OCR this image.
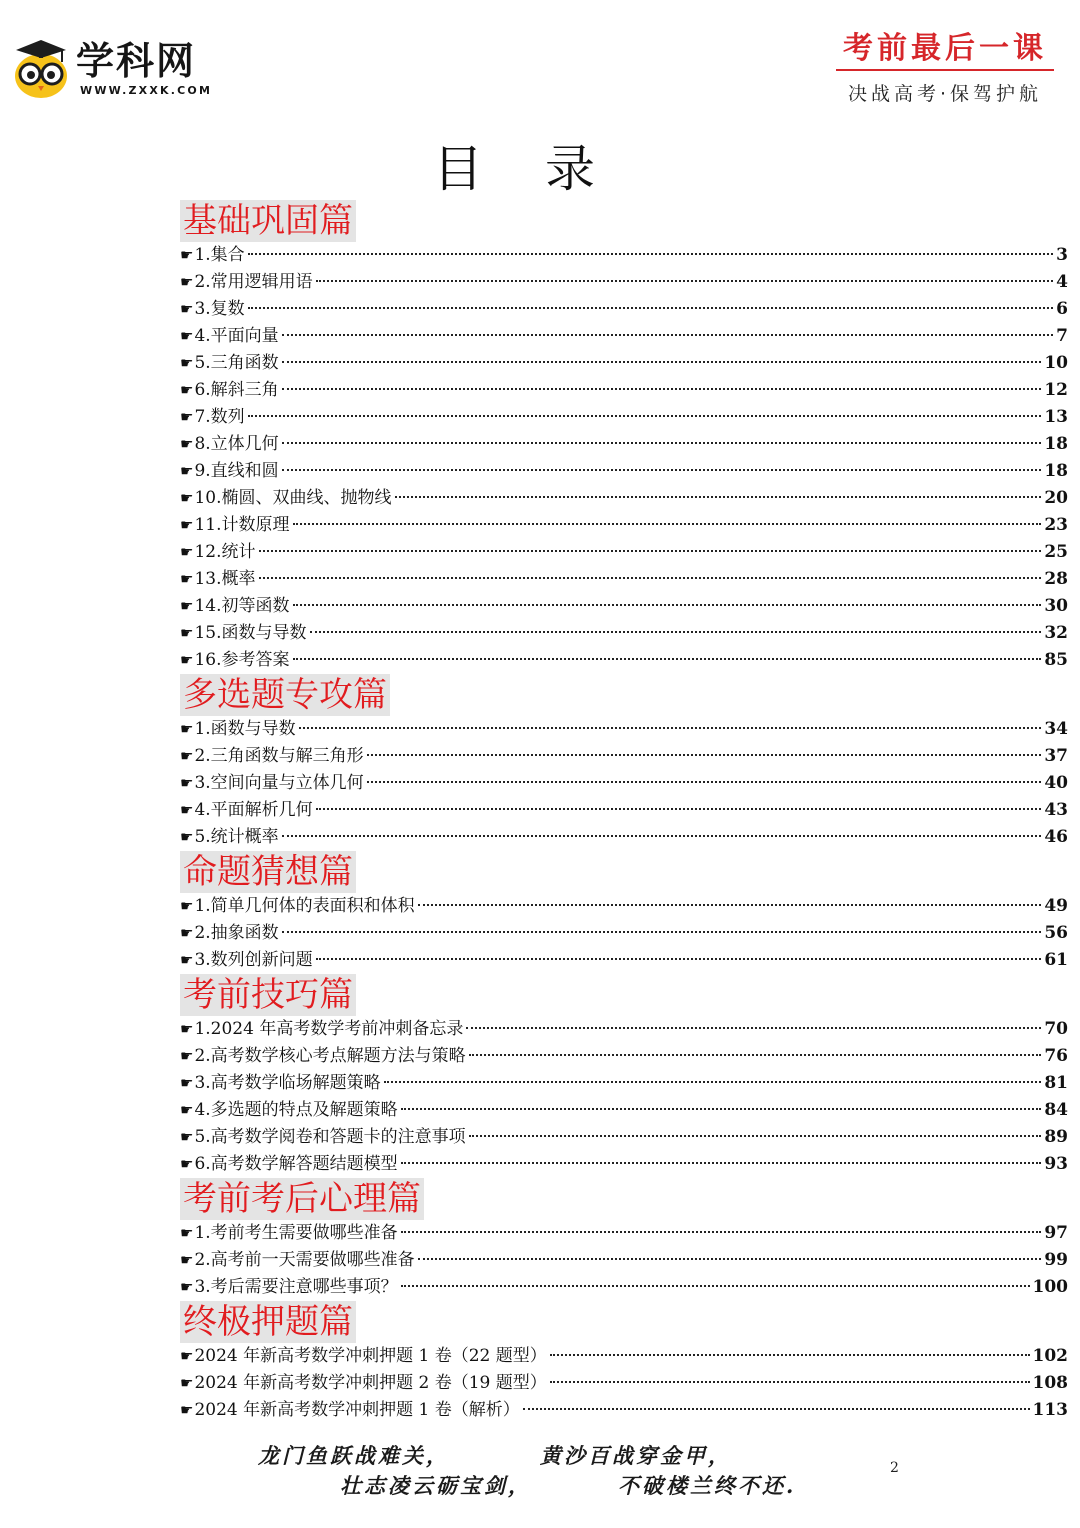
学科网
WWW.ZXXK.COM
考前最后一课
决战高考·保驾护航
目录
基础巩固篇
☛ 1.集合	3
☛ 2.常用逻辑用语	4
☛ 3.复数	6
☛ 4.平面向量	7
☛ 5.三角函数	10
☛ 6.解斜三角	12
☛ 7.数列	13
☛ 8.立体几何	18
☛ 9.直线和圆	18
☛ 10.椭圆、双曲线、抛物线	20
☛ 11.计数原理	23
☛ 12.统计	25
☛ 13.概率	28
☛ 14.初等函数	30
☛ 15.函数与导数	32
☛ 16.参考答案	85
多选题专攻篇
☛ 1.函数与导数	34
☛ 2.三角函数与解三角形	37
☛ 3.空间向量与立体几何	40
☛ 4.平面解析几何	43
☛ 5.统计概率	46
命题猜想篇
☛ 1.简单几何体的表面积和体积	49
☛ 2.抽象函数	56
☛ 3.数列创新问题	61
考前技巧篇
☛ 1.2024 年高考数学考前冲刺备忘录	70
☛ 2.高考数学核心考点解题方法与策略	76
☛ 3.高考数学临场解题策略	81
☛ 4.多选题的特点及解题策略	84
☛ 5.高考数学阅卷和答题卡的注意事项	89
☛ 6.高考数学解答题结题模型	93
考前考后心理篇
☛ 1.考前考生需要做哪些准备	97
☛ 2.高考前一天需要做哪些准备	99
☛ 3.考后需要注意哪些事项？	100
终极押题篇
☛ 2024 年新高考数学冲刺押题 1 卷（22 题型）	102
☛ 2024 年新高考数学冲刺押题 2 卷（19 题型）	108
☛ 2024 年新高考数学冲刺押题 1 卷（解析）	113
龙门鱼跃战难关，
壮志凌云砺宝剑，
黄沙百战穿金甲，
不破楼兰终不还.
2
